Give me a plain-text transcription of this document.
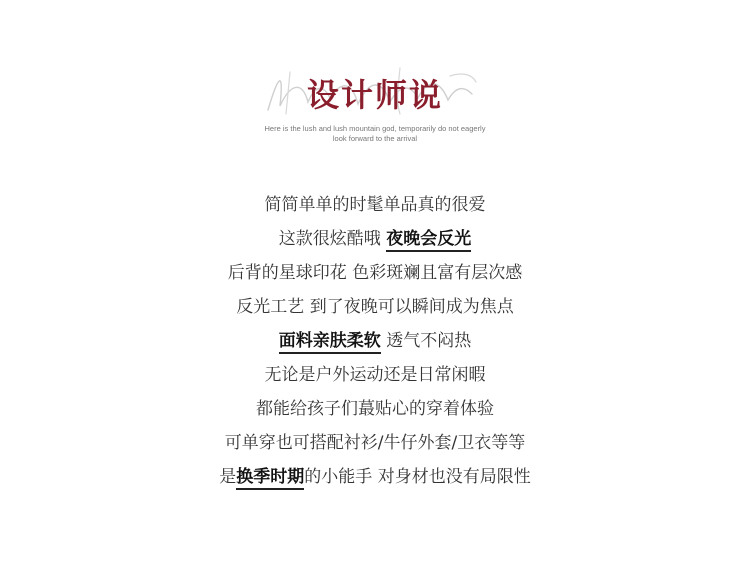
设计师说
Here is the lush and lush mountain god, temporarily do not eagerly
look forward to the arrival
简简单单的时髦单品真的很爱
这款很炫酷哦 夜晚会反光
后背的星球印花 色彩斑斓且富有层次感
反光工艺 到了夜晚可以瞬间成为焦点
面料亲肤柔软 透气不闷热
无论是户外运动还是日常闲暇
都能给孩子们蕞贴心的穿着体验
可单穿也可搭配衬衫/牛仔外套/卫衣等等
是换季时期的小能手 对身材也没有局限性
